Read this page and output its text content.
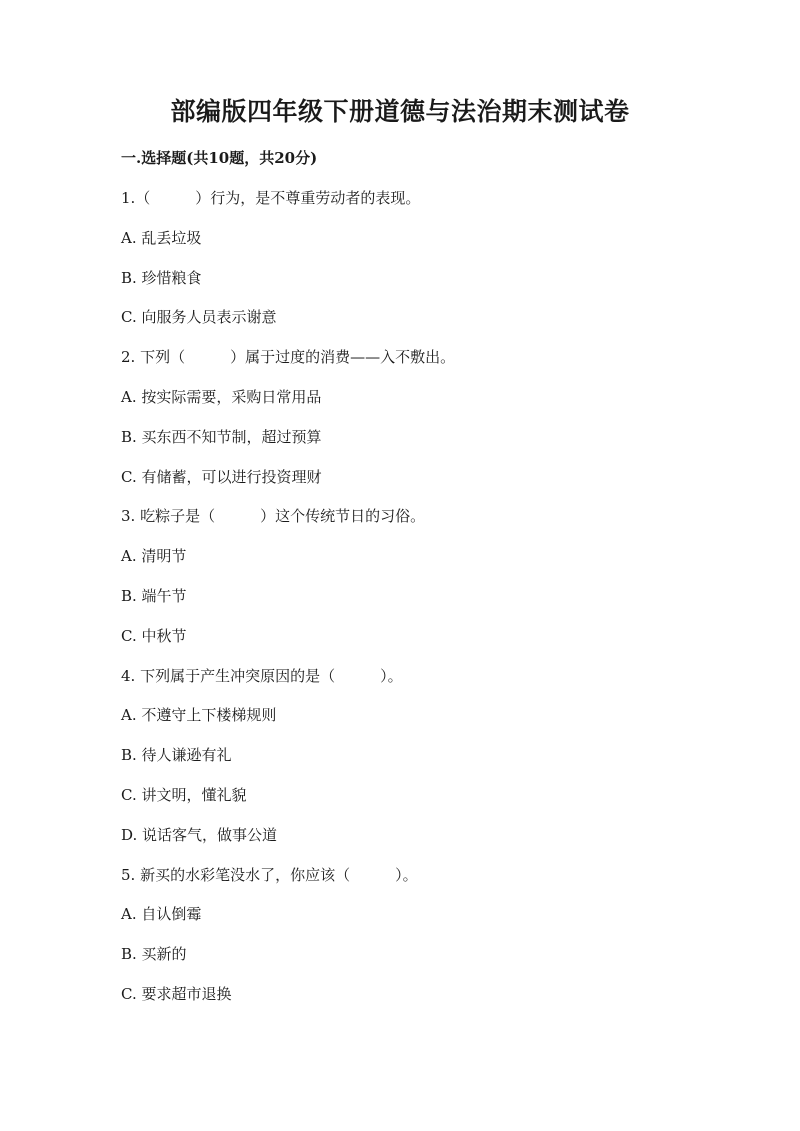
部编版四年级下册道德与法治期末测试卷
一.选择题(共10题，共20分)
1.（　　　）行为，是不尊重劳动者的表现。
A. 乱丢垃圾
B. 珍惜粮食
C. 向服务人员表示谢意
2. 下列（　　　）属于过度的消费——入不敷出。
A. 按实际需要，采购日常用品
B. 买东西不知节制，超过预算
C. 有储蓄，可以进行投资理财
3. 吃粽子是（　　　）这个传统节日的习俗。
A. 清明节
B. 端午节
C. 中秋节
4. 下列属于产生冲突原因的是（　　　）。
A. 不遵守上下楼梯规则
B. 待人谦逊有礼
C. 讲文明，懂礼貌
D. 说话客气，做事公道
5. 新买的水彩笔没水了，你应该（　　　）。
A. 自认倒霉
B. 买新的
C. 要求超市退换
